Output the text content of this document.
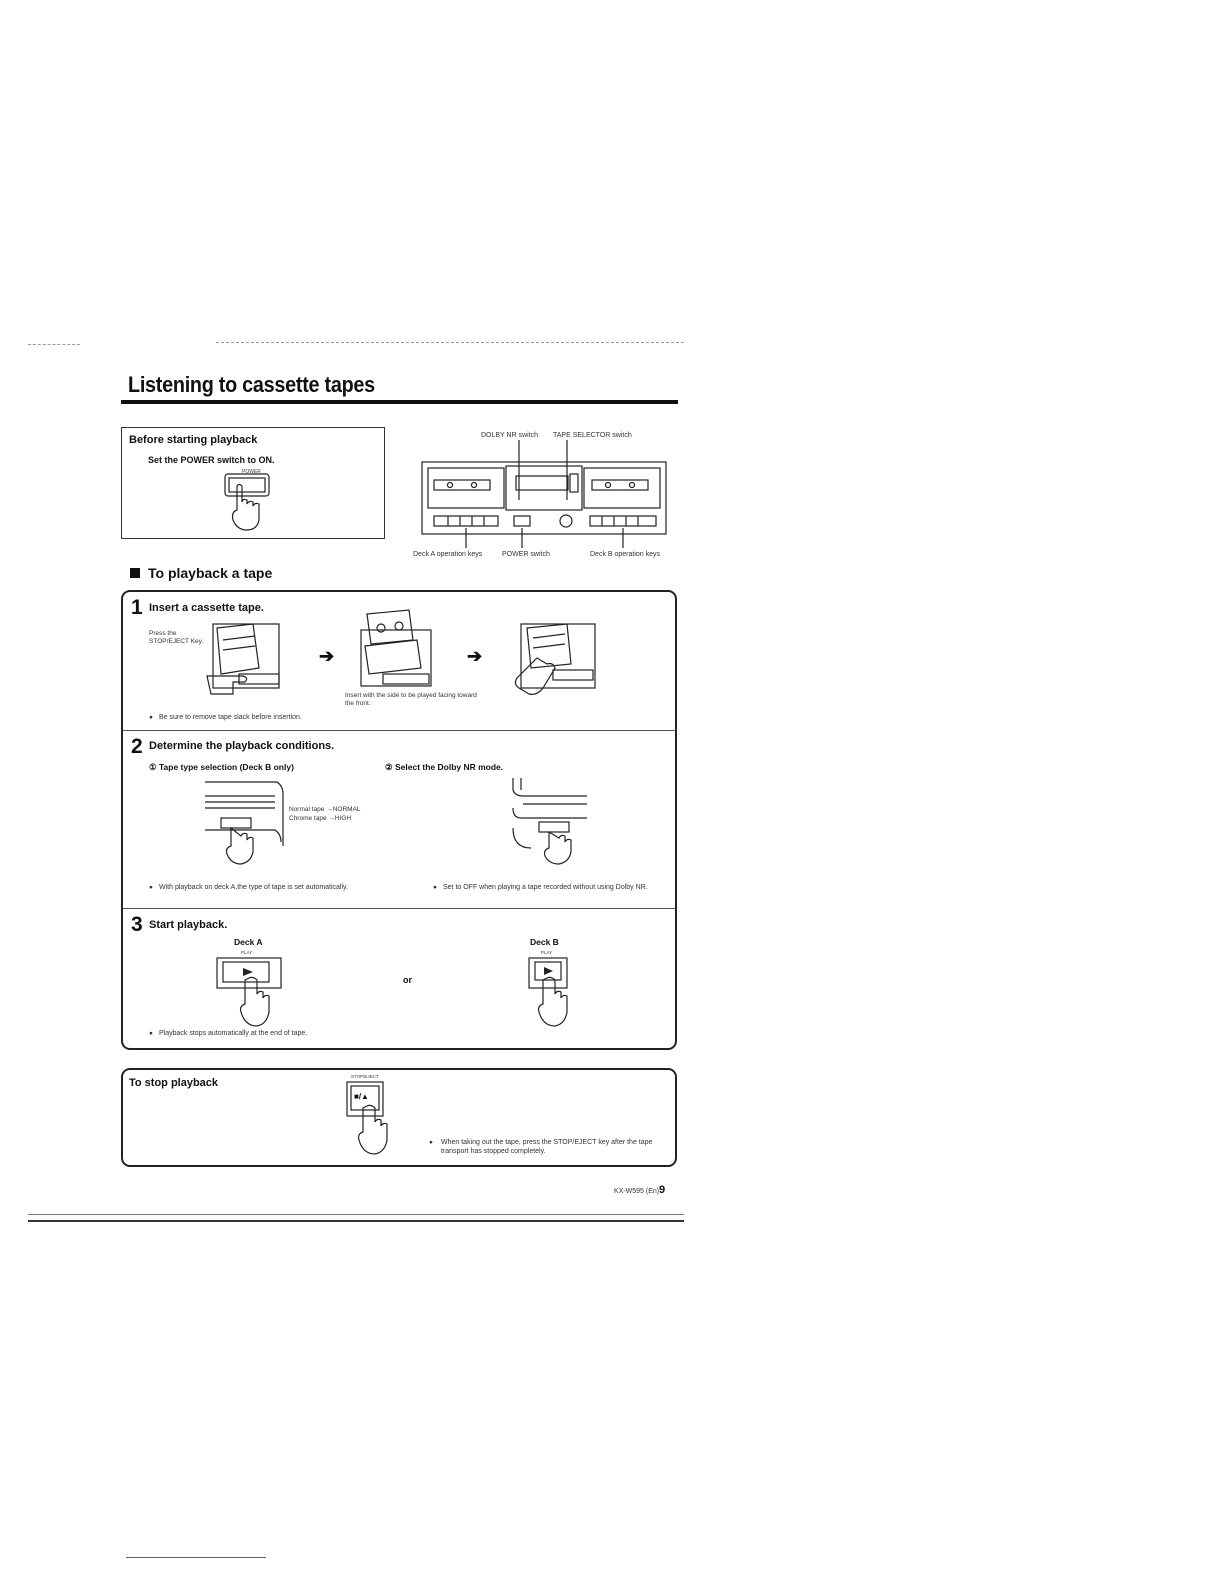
Listening to cassette tapes
Before starting playback
Set the POWER switch to ON.
POWER
DOLBY NR switch TAPE SELECTOR switch
Deck A operation keys	POWER switch	Deck B operation keys
To playback a tape
1 Insert a cassette tape.
Press the STOP/EJECT Key.
➔
Insert with the side to be played facing toward the front.
➔
● Be sure to remove tape slack before insertion.
2 Determine the playback conditions.
① Tape type selection (Deck B only)	② Select the Dolby NR mode.
Normal tape →NORMAL
Chrome tape →HIGH
● With playback on deck A,the type of tape is set automatically.	● Set to OFF when playing a tape recorded without using Dolby NR.
3 Start playback.
Deck A	Deck B
PLAY	PLAY
or
● Playback stops automatically at the end of tape.
To stop playback
STOP/EJECT
■/▲
● When taking out the tape, press the STOP/EJECT key after the tape transport has stopped completely.
KX-W595 (En) 9
